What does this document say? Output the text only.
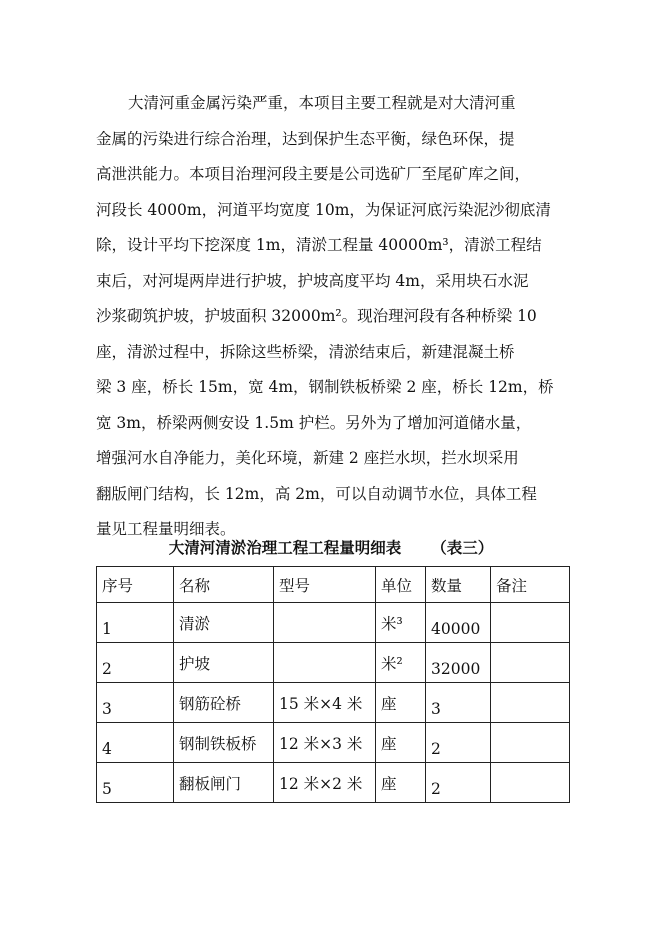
大清河重金属污染严重，本项目主要工程就是对大清河重
金属的污染进行综合治理，达到保护生态平衡，绿色环保，提
高泄洪能力。本项目治理河段主要是公司选矿厂至尾矿库之间，
河段长 4000m，河道平均宽度 10m，为保证河底污染泥沙彻底清
除，设计平均下挖深度 1m，清淤工程量 40000m³，清淤工程结
束后，对河堤两岸进行护坡，护坡高度平均 4m，采用块石水泥
沙浆砌筑护坡，护坡面积 32000m²。现治理河段有各种桥梁 10
座，清淤过程中，拆除这些桥梁，清淤结束后，新建混凝土桥
梁 3 座，桥长 15m，宽 4m，钢制铁板桥梁 2 座，桥长 12m，桥
宽 3m，桥梁两侧安设 1.5m 护栏。另外为了增加河道储水量，
增强河水自净能力，美化环境，新建 2 座拦水坝，拦水坝采用
翻版闸门结构，长 12m，高 2m，可以自动调节水位，具体工程
量见工程量明细表。
大清河清淤治理工程工程量明细表 （表三）
序号	名称	型号	单位	数量	备注
1	清淤		米³	40000	
2	护坡		米²	32000	
3	钢筋砼桥	15 米×4 米	座	3	
4	钢制铁板桥	12 米×3 米	座	2	
5	翻板闸门	12 米×2 米	座	2	
